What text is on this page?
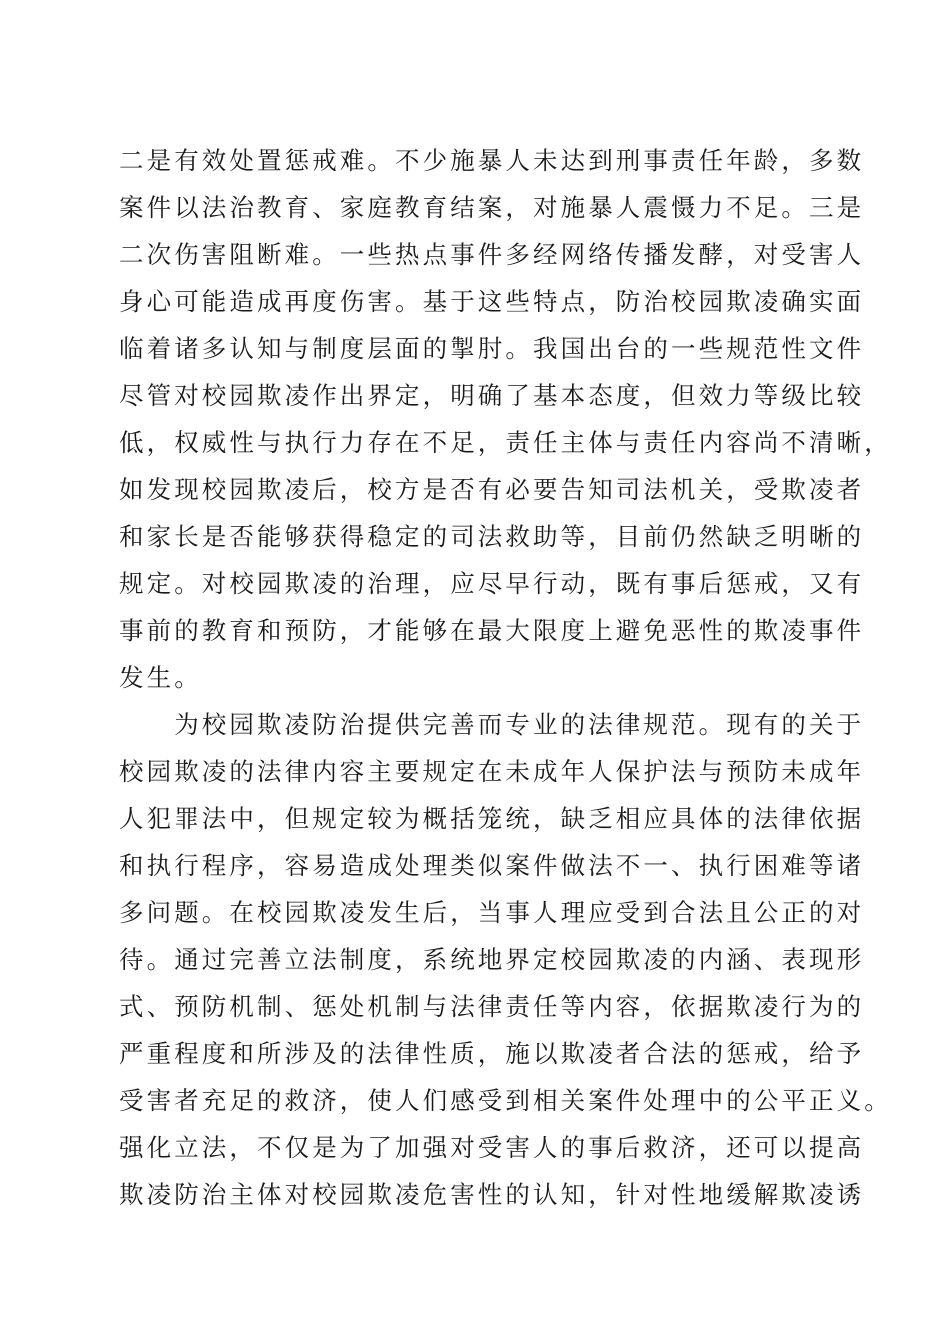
二是有效处置惩戒难。不少施暴人未达到刑事责任年龄，多数
案件以法治教育、家庭教育结案，对施暴人震慑力不足。三是
二次伤害阻断难。一些热点事件多经网络传播发酵，对受害人
身心可能造成再度伤害。基于这些特点，防治校园欺凌确实面
临着诸多认知与制度层面的掣肘。我国出台的一些规范性文件
尽管对校园欺凌作出界定，明确了基本态度，但效力等级比较
低，权威性与执行力存在不足，责任主体与责任内容尚不清晰，
如发现校园欺凌后，校方是否有必要告知司法机关，受欺凌者
和家长是否能够获得稳定的司法救助等，目前仍然缺乏明晰的
规定。对校园欺凌的治理，应尽早行动，既有事后惩戒，又有
事前的教育和预防，才能够在最大限度上避免恶性的欺凌事件
发生。
　　为校园欺凌防治提供完善而专业的法律规范。现有的关于
校园欺凌的法律内容主要规定在未成年人保护法与预防未成年
人犯罪法中，但规定较为概括笼统，缺乏相应具体的法律依据
和执行程序，容易造成处理类似案件做法不一、执行困难等诸
多问题。在校园欺凌发生后，当事人理应受到合法且公正的对
待。通过完善立法制度，系统地界定校园欺凌的内涵、表现形
式、预防机制、惩处机制与法律责任等内容，依据欺凌行为的
严重程度和所涉及的法律性质，施以欺凌者合法的惩戒，给予
受害者充足的救济，使人们感受到相关案件处理中的公平正义。
强化立法，不仅是为了加强对受害人的事后救济，还可以提高
欺凌防治主体对校园欺凌危害性的认知，针对性地缓解欺凌诱
